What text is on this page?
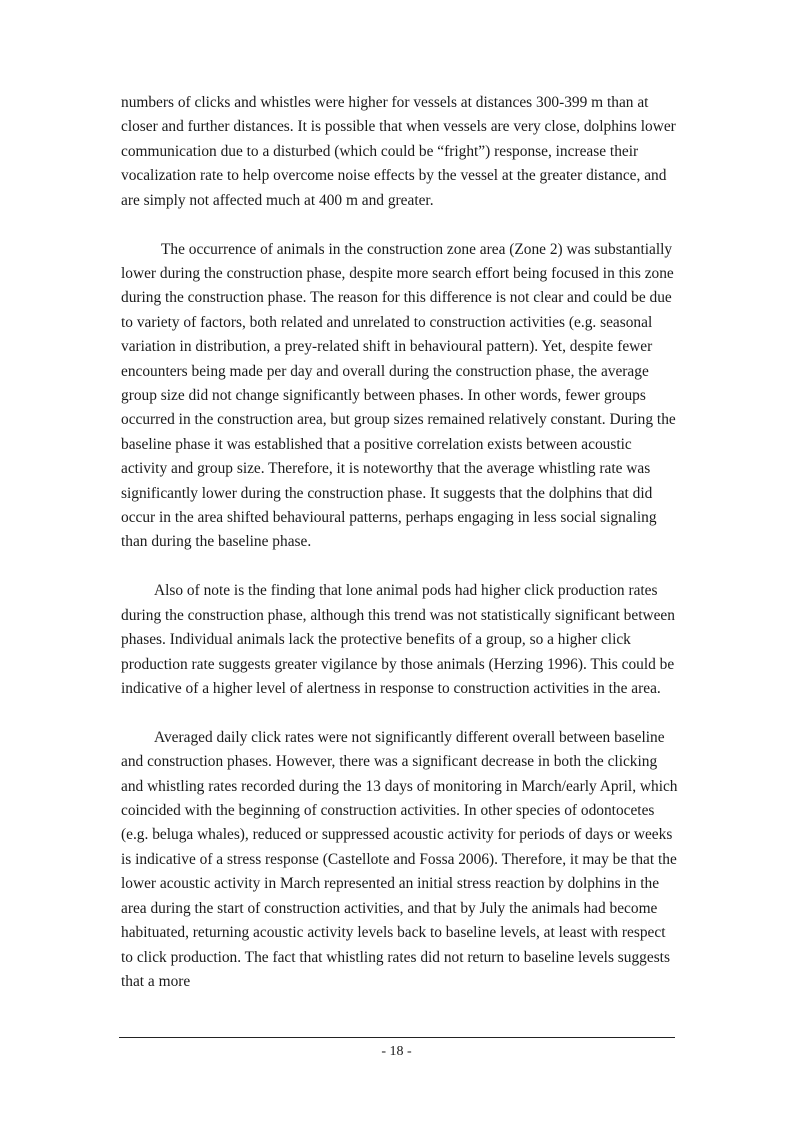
numbers of clicks and whistles were higher for vessels at distances 300-399 m than at closer and further distances. It is possible that when vessels are very close, dolphins lower communication due to a disturbed (which could be “fright”) response, increase their vocalization rate to help overcome noise effects by the vessel at the greater distance, and are simply not affected much at 400 m and greater.

The occurrence of animals in the construction zone area (Zone 2) was substantially lower during the construction phase, despite more search effort being focused in this zone during the construction phase. The reason for this difference is not clear and could be due to variety of factors, both related and unrelated to construction activities (e.g. seasonal variation in distribution, a prey-related shift in behavioural pattern). Yet, despite fewer encounters being made per day and overall during the construction phase, the average group size did not change significantly between phases. In other words, fewer groups occurred in the construction area, but group sizes remained relatively constant. During the baseline phase it was established that a positive correlation exists between acoustic activity and group size. Therefore, it is noteworthy that the average whistling rate was significantly lower during the construction phase. It suggests that the dolphins that did occur in the area shifted behavioural patterns, perhaps engaging in less social signaling than during the baseline phase.

Also of note is the finding that lone animal pods had higher click production rates during the construction phase, although this trend was not statistically significant between phases. Individual animals lack the protective benefits of a group, so a higher click production rate suggests greater vigilance by those animals (Herzing 1996). This could be indicative of a higher level of alertness in response to construction activities in the area.

Averaged daily click rates were not significantly different overall between baseline and construction phases. However, there was a significant decrease in both the clicking and whistling rates recorded during the 13 days of monitoring in March/early April, which coincided with the beginning of construction activities. In other species of odontocetes (e.g. beluga whales), reduced or suppressed acoustic activity for periods of days or weeks is indicative of a stress response (Castellote and Fossa 2006). Therefore, it may be that the lower acoustic activity in March represented an initial stress reaction by dolphins in the area during the start of construction activities, and that by July the animals had become habituated, returning acoustic activity levels back to baseline levels, at least with respect to click production. The fact that whistling rates did not return to baseline levels suggests that a more

- 18 -
